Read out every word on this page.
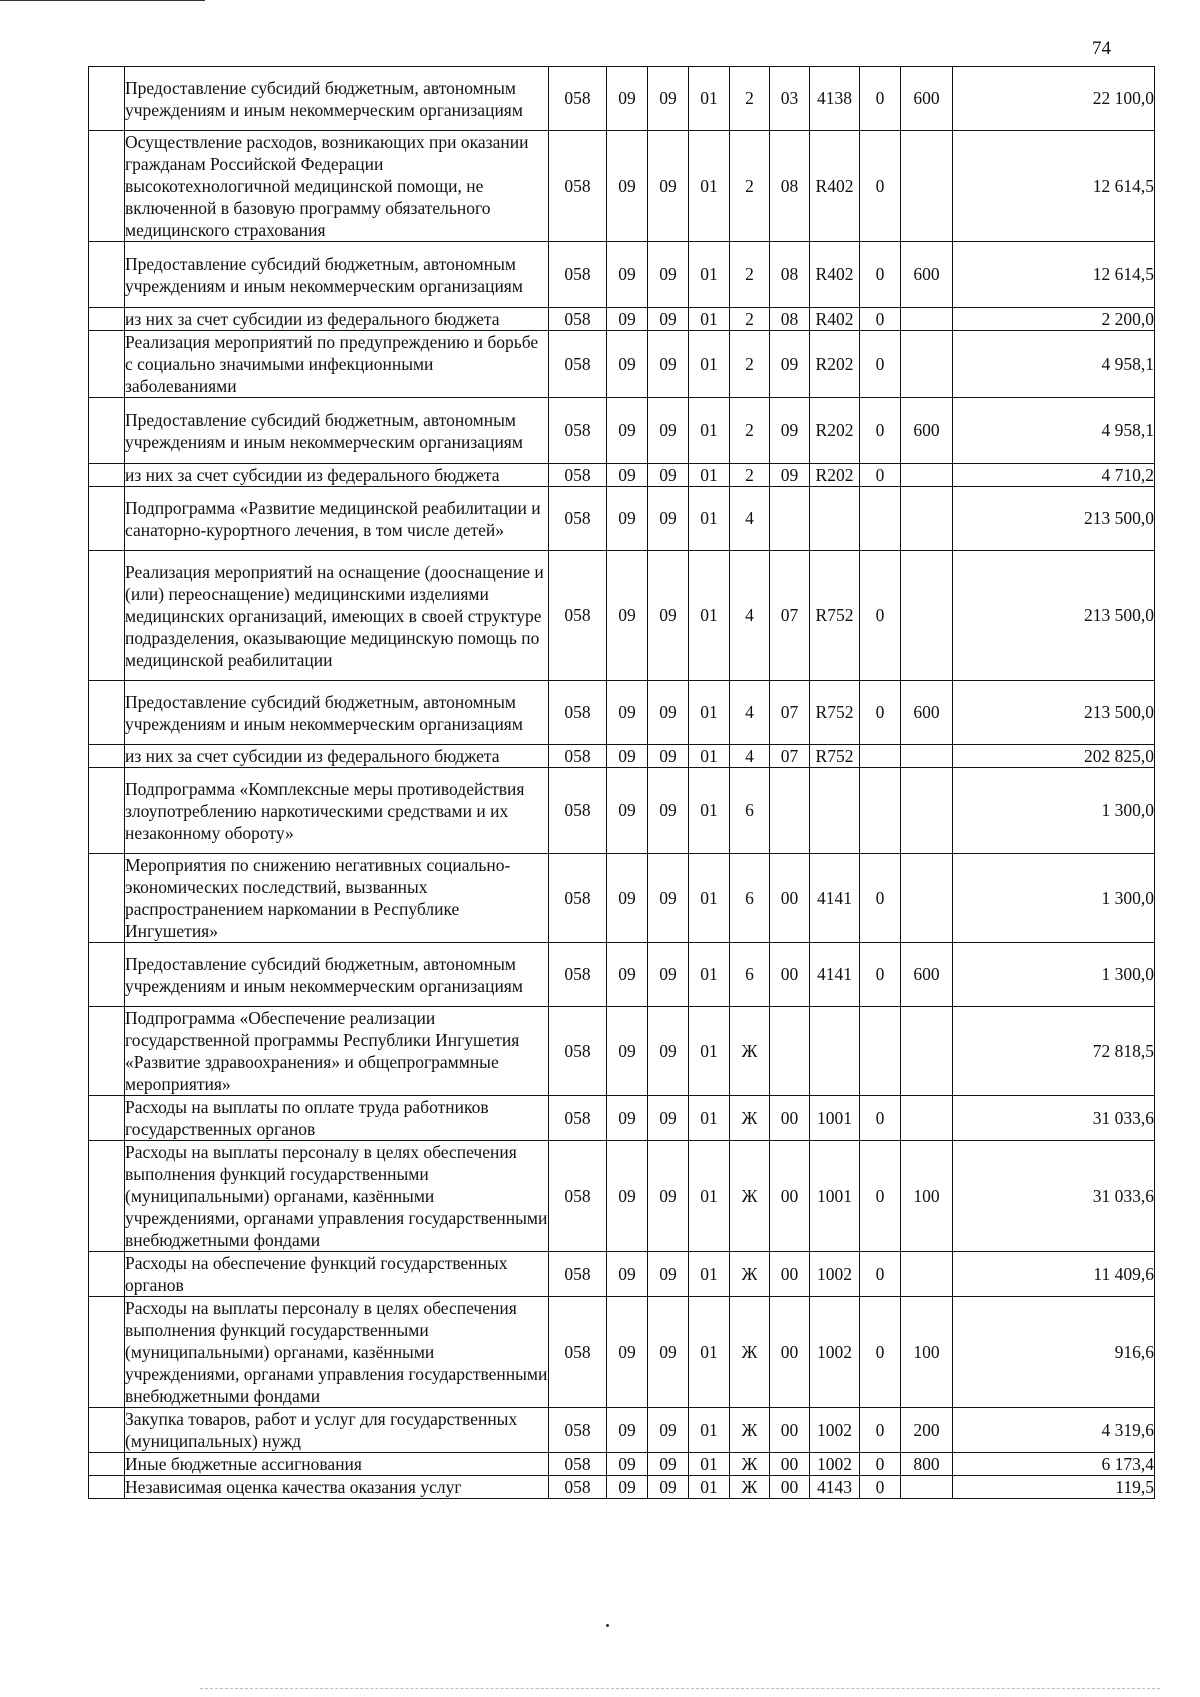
74
	Предоставление субсидий бюджетным, автономным учреждениям и иным некоммерческим организациям	058	09	09	01	2	03	4138	0	600	22 100,0
	Осуществление расходов, возникающих при оказании гражданам Российской Федерации высокотехнологичной медицинской помощи, не включенной в базовую программу обязательного медицинского страхования	058	09	09	01	2	08	R402	0		12 614,5
	Предоставление субсидий бюджетным, автономным учреждениям и иным некоммерческим организациям	058	09	09	01	2	08	R402	0	600	12 614,5
	из них за счет субсидии из федерального бюджета	058	09	09	01	2	08	R402	0		2 200,0
	Реализация мероприятий по предупреждению и борьбе с социально значимыми инфекционными заболеваниями	058	09	09	01	2	09	R202	0		4 958,1
	Предоставление субсидий бюджетным, автономным учреждениям и иным некоммерческим организациям	058	09	09	01	2	09	R202	0	600	4 958,1
	из них за счет субсидии из федерального бюджета	058	09	09	01	2	09	R202	0		4 710,2
	Подпрограмма «Развитие медицинской реабилитации и санаторно-курортного лечения, в том числе детей»	058	09	09	01	4					213 500,0
	Реализация мероприятий на оснащение (дооснащение и (или) переоснащение) медицинскими изделиями медицинских организаций, имеющих в своей структуре подразделения, оказывающие медицинскую помощь по медицинской реабилитации	058	09	09	01	4	07	R752	0		213 500,0
	Предоставление субсидий бюджетным, автономным учреждениям и иным некоммерческим организациям	058	09	09	01	4	07	R752	0	600	213 500,0
	из них за счет субсидии из федерального бюджета	058	09	09	01	4	07	R752			202 825,0
	Подпрограмма «Комплексные меры противодействия злоупотреблению наркотическими средствами и их незаконному обороту»	058	09	09	01	6					1 300,0
	Мероприятия по снижению негативных социально-экономических последствий, вызванных распространением наркомании в Республике Ингушетия»	058	09	09	01	6	00	4141	0		1 300,0
	Предоставление субсидий бюджетным, автономным учреждениям и иным некоммерческим организациям	058	09	09	01	6	00	4141	0	600	1 300,0
	Подпрограмма «Обеспечение реализации государственной программы Республики Ингушетия «Развитие здравоохранения» и общепрограммные мероприятия»	058	09	09	01	Ж					72 818,5
	Расходы на выплаты по оплате труда работников государственных органов	058	09	09	01	Ж	00	1001	0		31 033,6
	Расходы на выплаты персоналу в целях обеспечения выполнения функций государственными (муниципальными) органами, казёнными учреждениями, органами управления государственными внебюджетными фондами	058	09	09	01	Ж	00	1001	0	100	31 033,6
	Расходы на обеспечение функций государственных органов	058	09	09	01	Ж	00	1002	0		11 409,6
	Расходы на выплаты персоналу в целях обеспечения выполнения функций государственными (муниципальными) органами, казёнными учреждениями, органами управления государственными внебюджетными фондами	058	09	09	01	Ж	00	1002	0	100	916,6
	Закупка товаров, работ и услуг для государственных (муниципальных) нужд	058	09	09	01	Ж	00	1002	0	200	4 319,6
	Иные бюджетные ассигнования	058	09	09	01	Ж	00	1002	0	800	6 173,4
	Независимая оценка качества оказания услуг	058	09	09	01	Ж	00	4143	0		119,5
